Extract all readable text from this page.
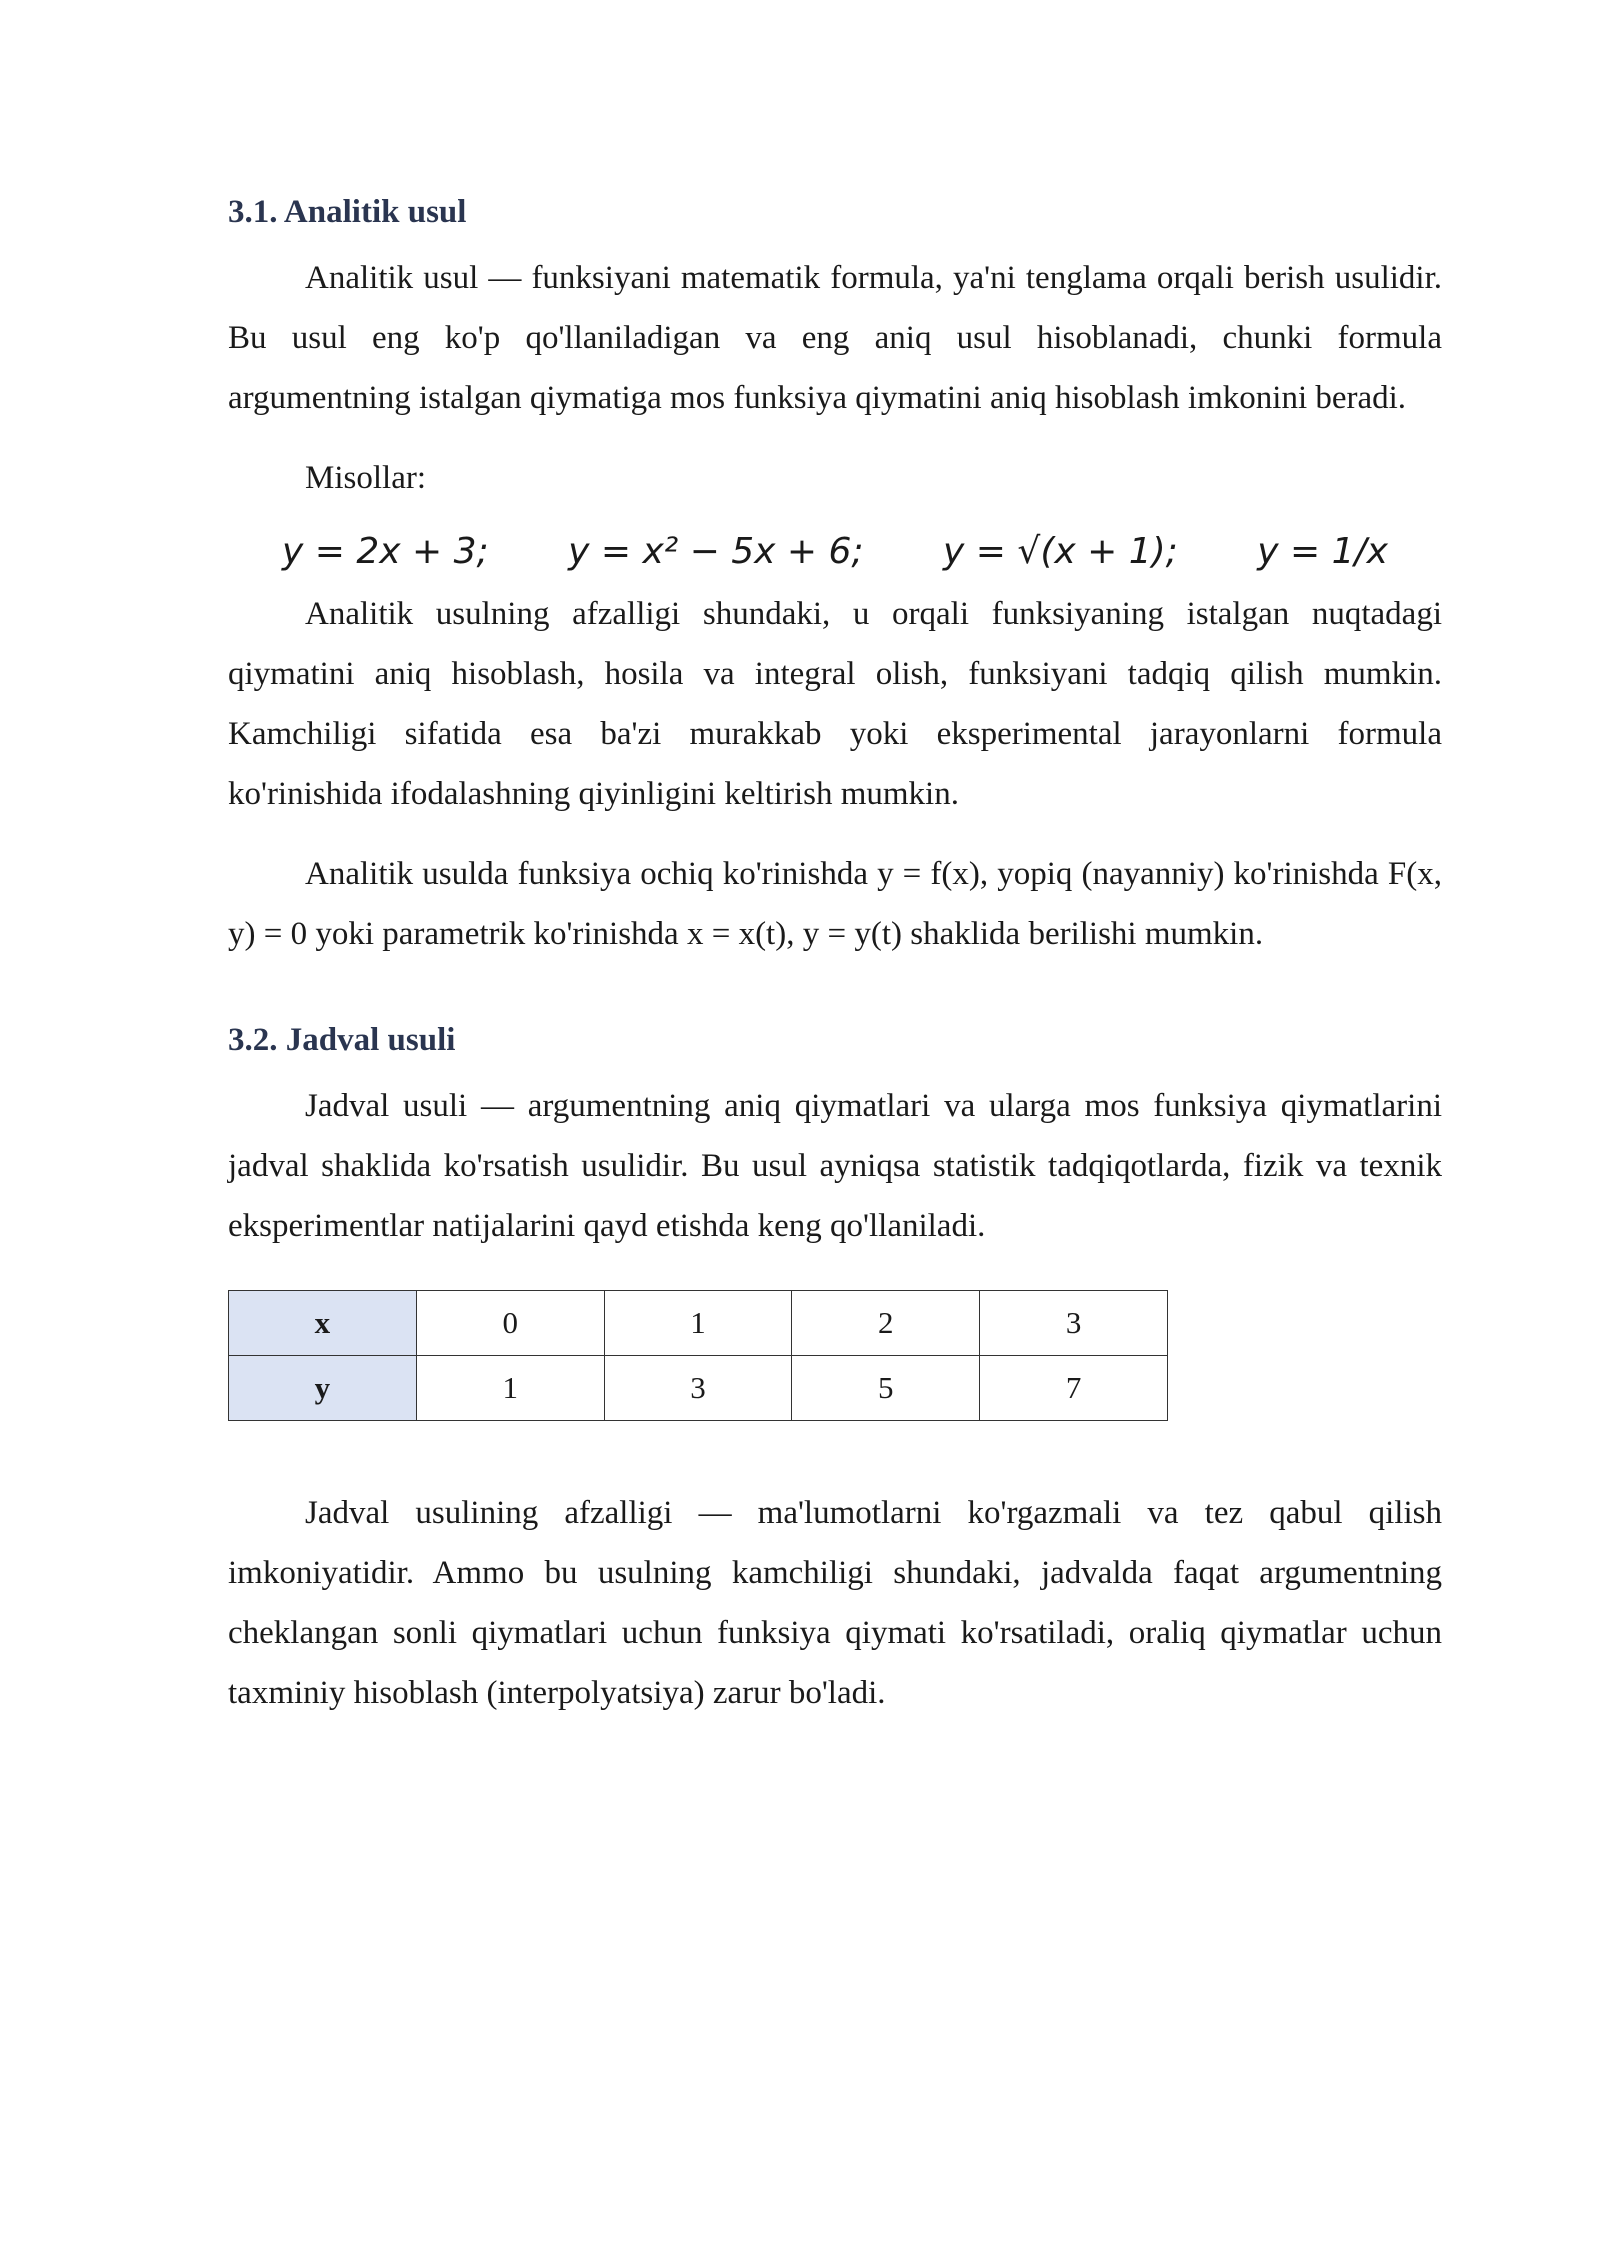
3.1. Analitik usul

Analitik usul — funksiyani matematik formula, ya'ni tenglama orqali berish usulidir. Bu usul eng ko'p qo'llaniladigan va eng aniq usul hisoblanadi, chunki formula argumentning istalgan qiymatiga mos funksiya qiymatini aniq hisoblash imkonini beradi.

Misollar:

y = 2x + 3; y = x² − 5x + 6; y = √(x + 1); y = 1/x

Analitik usulning afzalligi shundaki, u orqali funksiyaning istalgan nuqtadagi qiymatini aniq hisoblash, hosila va integral olish, funksiyani tadqiq qilish mumkin. Kamchiligi sifatida esa ba'zi murakkab yoki eksperimental jarayonlarni formula ko'rinishida ifodalashning qiyinligini keltirish mumkin.

Analitik usulda funksiya ochiq ko'rinishda y = f(x), yopiq (nayanniy) ko'rinishda F(x, y) = 0 yoki parametrik ko'rinishda x = x(t), y = y(t) shaklida berilishi mumkin.

3.2. Jadval usuli

Jadval usuli — argumentning aniq qiymatlari va ularga mos funksiya qiymatlarini jadval shaklida ko'rsatish usulidir. Bu usul ayniqsa statistik tadqiqotlarda, fizik va texnik eksperimentlar natijalarini qayd etishda keng qo'llaniladi.

x	0	1	2	3
y	1	3	5	7

Jadval usulining afzalligi — ma'lumotlarni ko'rgazmali va tez qabul qilish imkoniyatidir. Ammo bu usulning kamchiligi shundaki, jadvalda faqat argumentning cheklangan sonli qiymatlari uchun funksiya qiymati ko'rsatiladi, oraliq qiymatlar uchun taxminiy hisoblash (interpolyatsiya) zarur bo'ladi.
